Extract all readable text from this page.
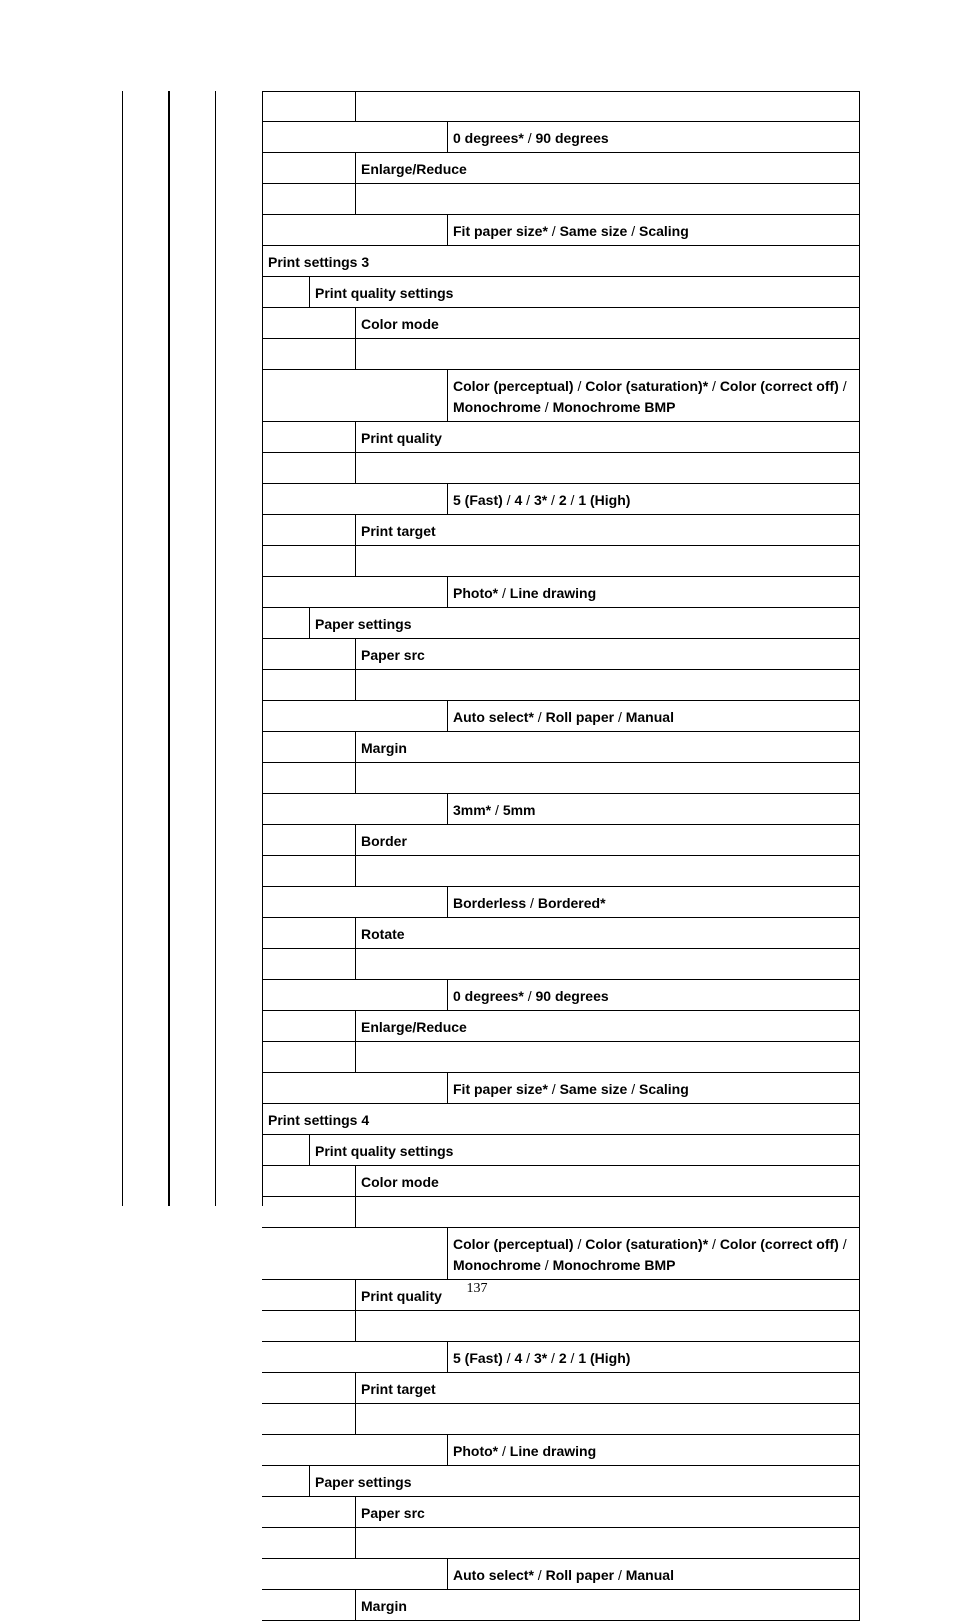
0 degrees* / 90 degrees
Enlarge/Reduce
Fit paper size* / Same size / Scaling
Print settings 3
Print quality settings
Color mode
Color (perceptual) / Color (saturation)* / Color (correct off) / Monochrome / Monochrome BMP
Print quality
5 (Fast) / 4 / 3* / 2 / 1 (High)
Print target
Photo* / Line drawing
Paper settings
Paper src
Auto select* / Roll paper / Manual
Margin
3mm* / 5mm
Border
Borderless / Bordered*
Rotate
0 degrees* / 90 degrees
Enlarge/Reduce
Fit paper size* / Same size / Scaling
Print settings 4
Print quality settings
Color mode
Color (perceptual) / Color (saturation)* / Color (correct off) / Monochrome / Monochrome BMP
Print quality
5 (Fast) / 4 / 3* / 2 / 1 (High)
Print target
Photo* / Line drawing
Paper settings
Paper src
Auto select* / Roll paper / Manual
Margin
137
